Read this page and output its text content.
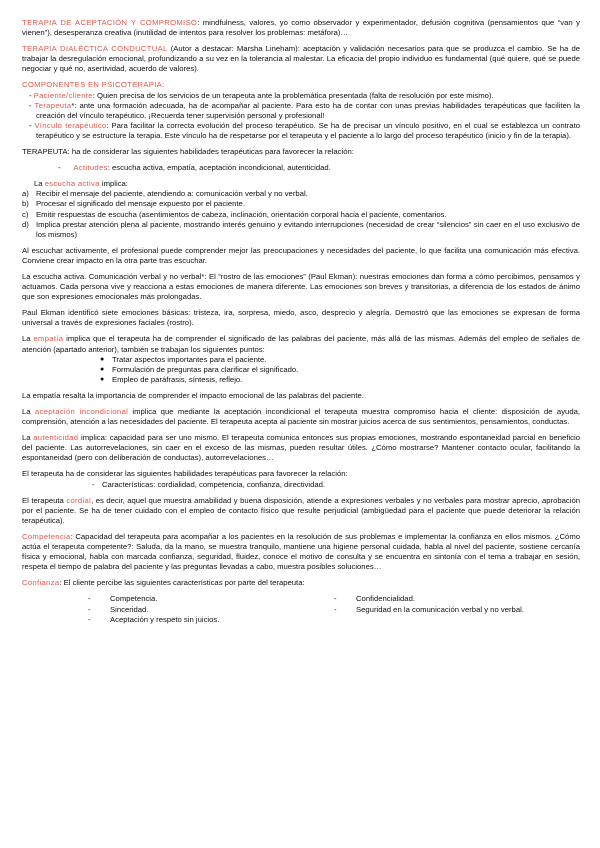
TERAPIA DE ACEPTACIÓN Y COMPROMISO: mindfulness, valores, yo como observador y experimentador, defusión cognitiva (pensamientos que “van y vienen”), desesperanza creativa (inutilidad de intentos para resolver los problemas: metáfora)…

TERAPIA DIALÉCTICA CONDUCTUAL (Autor a destacar: Marsha Lineham): aceptación y validación necesarios para que se produzca el cambio. Se ha de trabajar la desregulación emocional, profundizando a su vez en la tolerancia al malestar. La eficacia del propio individuo es fundamental (qué quiere, qué se puede negociar y qué no, asertividad, acuerdo de valores).

COMPONENTES EN PSICOTERAPIA:

- Paciente/cliente: Quien precisa de los servicios de un terapeuta ante la problemática presentada (falta de resolución por este mismo).

- Terapeuta*: ante una formación adecuada, ha de acompañar al paciente. Para esto ha de contar con unas previas habilidades terapéuticas que faciliten la creación del vínculo terapéutico. ¡Recuerda tener supervisión personal y profesional!

- Vínculo terapéutico: Para facilitar la correcta evolución del proceso terapéutico. Se ha de precisar un vínculo positivo, en el cual se establezca un contrato terapéutico y se estructure la terapia. Este vínculo ha de respetarse por el terapeuta y el paciente a lo largo del proceso terapéutico (inicio y fin de la terapia).

TERAPEUTA: ha de considerar las siguientes habilidades terapéuticas para favorecer la relación:

- Actitudes: escucha activa, empatía, aceptación incondicional, autenticidad.

La escucha activa implica:

a) Recibir el mensaje del paciente, atendiendo a: comunicación verbal y no verbal.

b) Procesar el significado del mensaje expuesto por el paciente.

c) Emitir respuestas de escucha (asentimientos de cabeza, inclinación, orientación corporal hacia el paciente, comentarios.

d) Implica prestar atención plena al paciente, mostrando interés genuino y evitando interrupciones (necesidad de crear “silencios” sin caer en el uso exclusivo de los mismos)

Al escuchar activamente, el profesional puede comprender mejor las preocupaciones y necesidades del paciente, lo que facilita una comunicación más efectiva. Conviene crear impacto en la otra parte tras escuchar.

La escucha activa. Comunicación verbal y no verbal*: El “rostro de las emociones” (Paul Ekman): nuestras emociones dan forma a cómo percibimos, pensamos y actuamos. Cada persona vive y reacciona a estas emociones de manera diferente. Las emociones son breves y transitorias, a diferencia de los estados de ánimo que son expresiones emocionales más prolongadas.

Paul Ekman identificó siete emociones básicas: tristeza, ira, sorpresa, miedo, asco, desprecio y alegría. Demostró que las emociones se expresan de forma universal a través de expresiones faciales (rostro).

La empatía implica que el terapeuta ha de comprender el significado de las palabras del paciente, más allá de las mismas. Además del empleo de señales de atención (apartado anterior), también se trabajan los siguientes puntos:

●	Tratar aspectos importantes para el paciente.
●	Formulación de preguntas para clarificar el significado.
●	Empleo de paráfrasis, síntesis, reflejo.

La empatía resalta la importancia de comprender el impacto emocional de las palabras del paciente.

La aceptación incondicional implica que mediante la aceptación incondicional el terapeuta muestra compromiso hacia el cliente: disposición de ayuda, comprensión, atención a las necesidades del paciente. El terapeuta acepta al paciente sin mostrar juicios acerca de sus sentimientos, pensamientos, conductas.

La autenticidad implica: capacidad para ser uno mismo. El terapeuta comunica entonces sus propias emociones, mostrando espontaneidad parcial en beneficio del paciente. Las autorrevelaciones, sin caer en el exceso de las mismas, pueden resultar útiles. ¿Cómo mostrarse? Mantener contacto ocular, facilitando la espontaneidad (pero con deliberación de conductas), autorrevelaciones…

El terapeuta ha de considerar las siguientes habilidades terapéuticas para favorecer la relación:

- Características: cordialidad, competencia, confianza, directividad.

El terapeuta cordial, es decir, aquel que muestra amabilidad y buena disposición, atiende a expresiones verbales y no verbales para mostrar aprecio, aprobación por el paciente. Se ha de tener cuidado con el empleo de contacto físico que resulte perjudicial (ambigüedad para el paciente que puede deteriorar la relación terapéutica).

Competencia: Capacidad del terapeuta para acompañar a los pacientes en la resolución de sus problemas e implementar la confianza en ellos mismos. ¿Cómo actúa el terapeuta competente?: Saluda, da la mano, se muestra tranquilo, mantiene una higiene personal cuidada, habla al nivel del paciente, sostiene cercanía física y emocional, habla con marcada confianza, seguridad, fluidez, conoce el motivo de consulta y se encuentra en sintonía con el tema a trabajar en sesión, respeta el tiempo de palabra del paciente y las preguntas llevadas a cabo, muestra posibles soluciones…

Confianza: El cliente percibe las siguientes características por parte del terapeuta:

-	Competencia.
-	Sinceridad.
-	Aceptación y respeto sin juicios.
-	Confidencialidad.
-	Seguridad en la comunicación verbal y no verbal.
